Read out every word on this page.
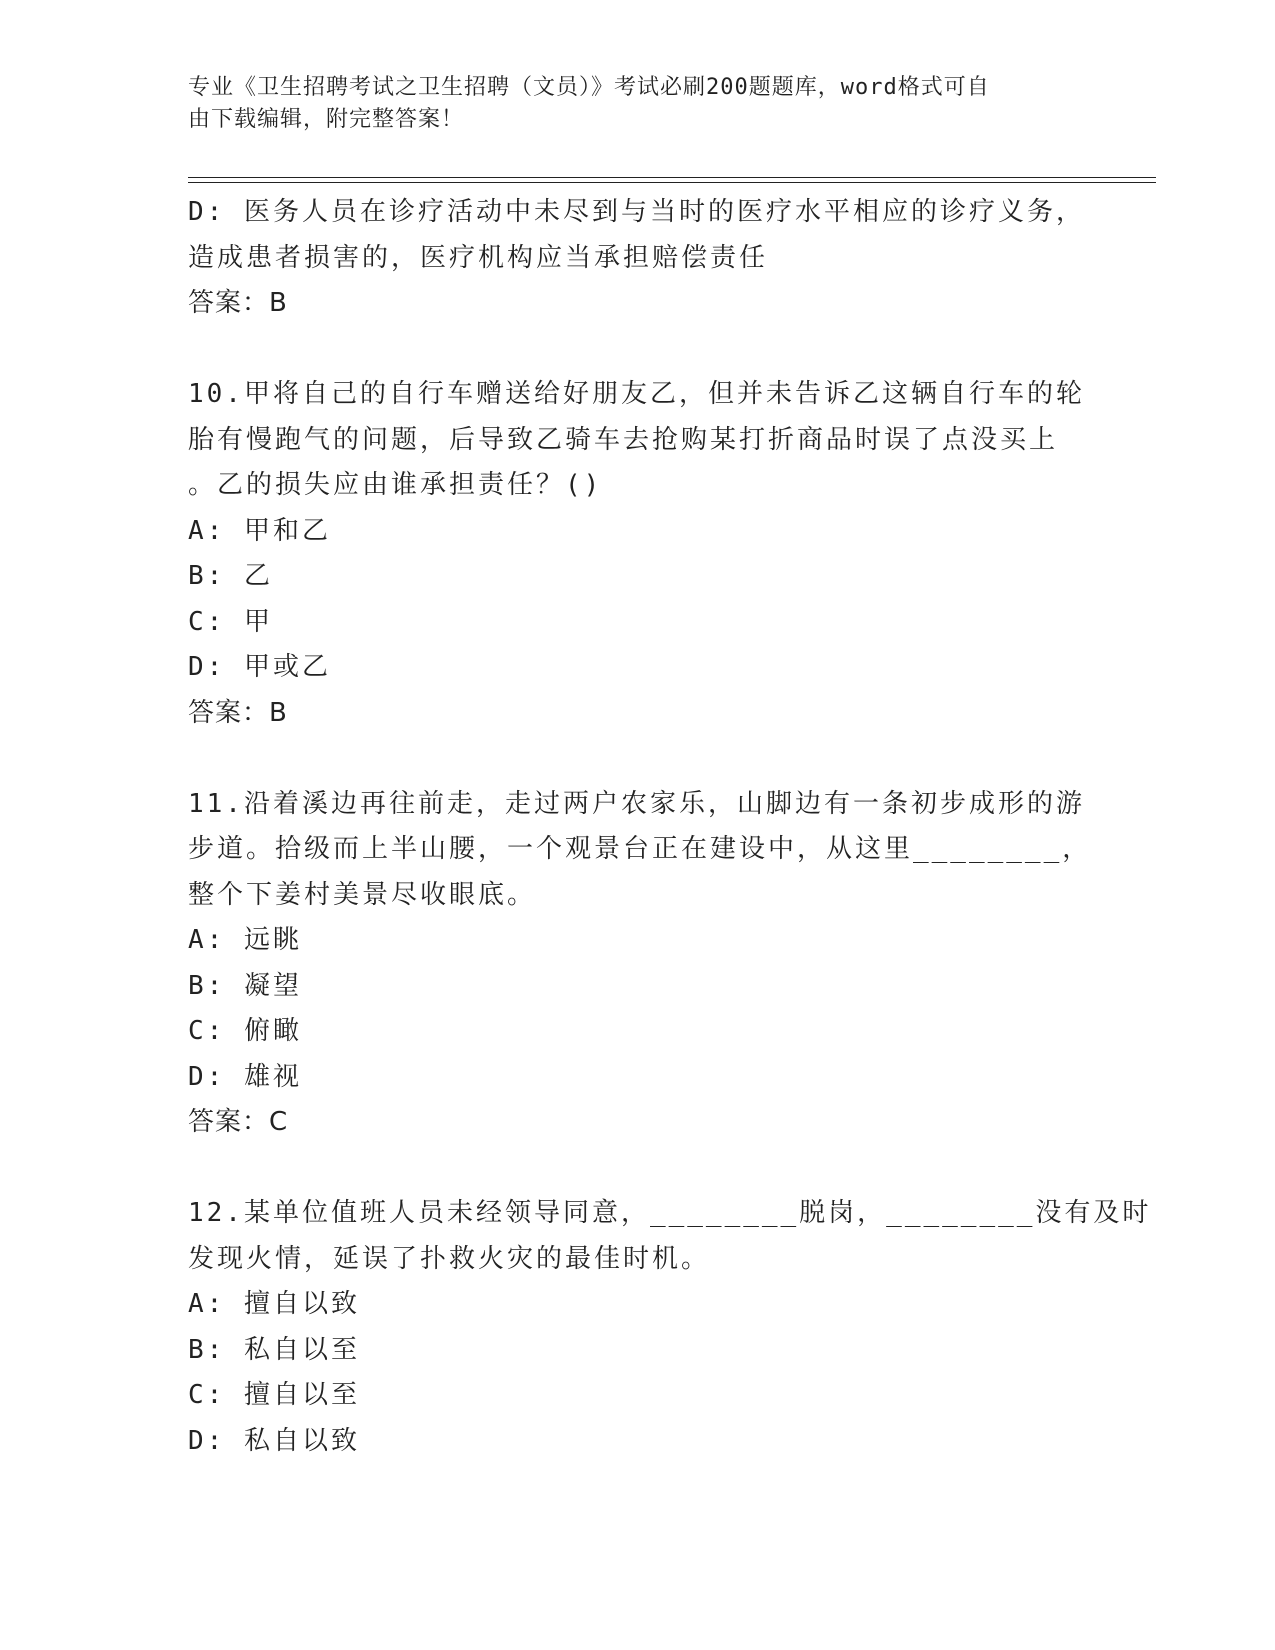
专业《卫生招聘考试之卫生招聘（文员）》考试必刷200题题库，word格式可自
由下载编辑，附完整答案！
D: 医务人员在诊疗活动中未尽到与当时的医疗水平相应的诊疗义务，
造成患者损害的，医疗机构应当承担赔偿责任
答案：B
10.甲将自己的自行车赠送给好朋友乙，但并未告诉乙这辆自行车的轮
胎有慢跑气的问题，后导致乙骑车去抢购某打折商品时误了点没买上
。乙的损失应由谁承担责任？()
A: 甲和乙
B: 乙
C: 甲
D: 甲或乙
答案：B
11.沿着溪边再往前走，走过两户农家乐，山脚边有一条初步成形的游
步道。拾级而上半山腰，一个观景台正在建设中，从这里________，
整个下姜村美景尽收眼底。
A: 远眺
B: 凝望
C: 俯瞰
D: 雄视
答案：C
12.某单位值班人员未经领导同意，________脱岗，________没有及时
发现火情，延误了扑救火灾的最佳时机。
A: 擅自以致
B: 私自以至
C: 擅自以至
D: 私自以致
